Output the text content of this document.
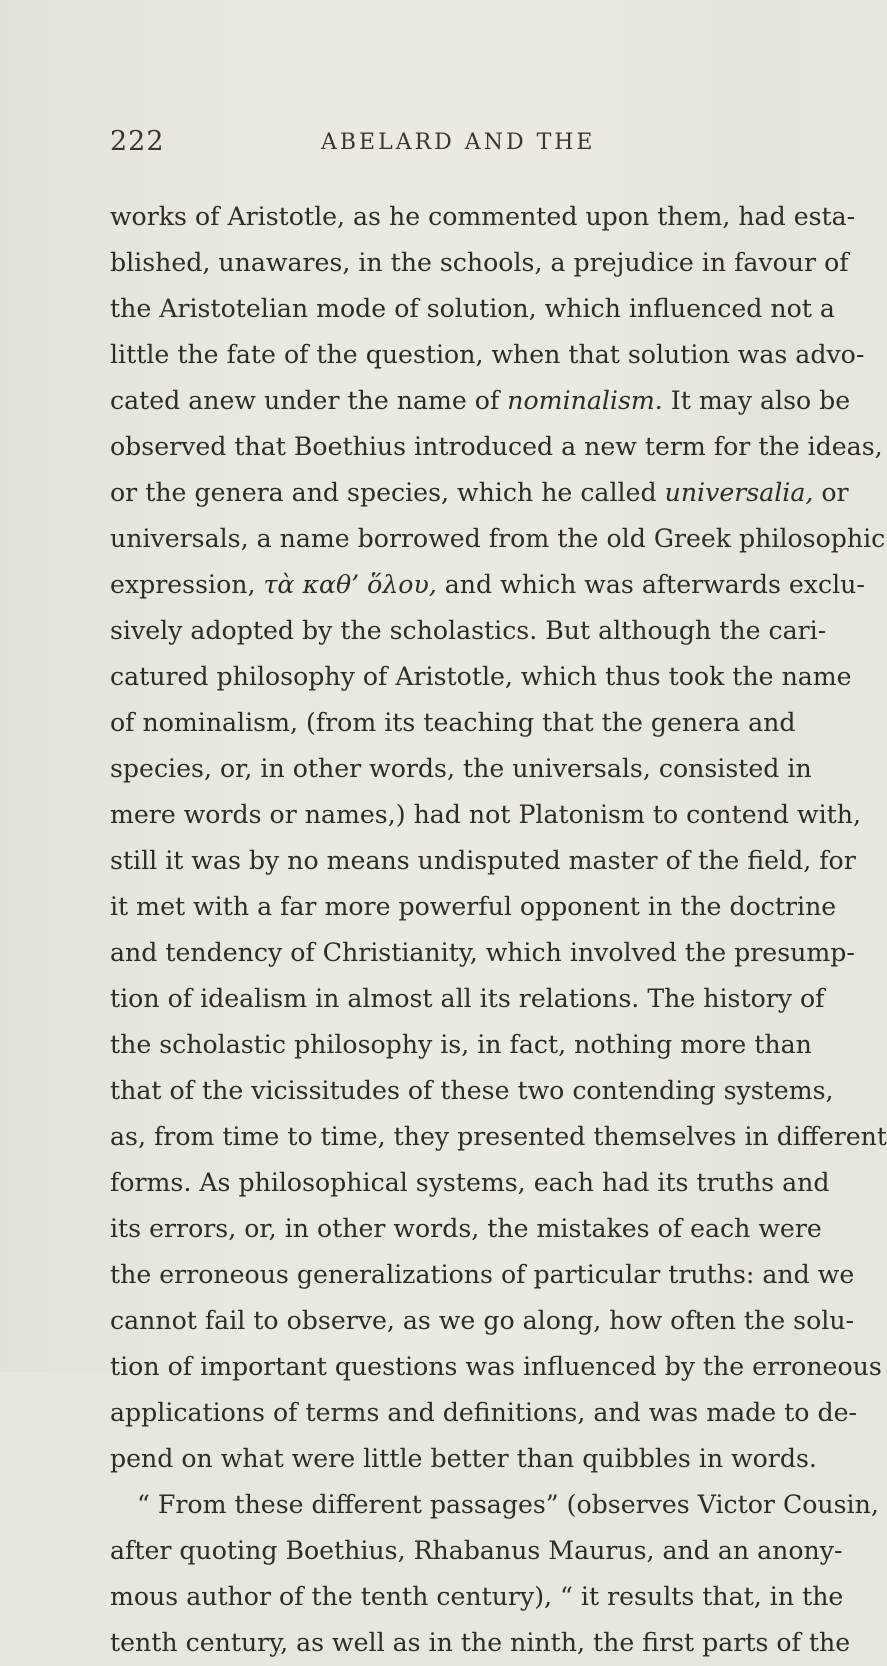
222	ABELARD AND THE
works of Aristotle, as he commented upon them, had esta-
blished, unawares, in the schools, a prejudice in favour of
the Aristotelian mode of solution, which influenced not a
little the fate of the question, when that solution was advo-
cated anew under the name of nominalism. It may also be
observed that Boethius introduced a new term for the ideas,
or the genera and species, which he called universalia, or
universals, a name borrowed from the old Greek philosophic
expression, τὰ καθ’ ὅλου, and which was afterwards exclu-
sively adopted by the scholastics. But although the cari-
catured philosophy of Aristotle, which thus took the name
of nominalism, (from its teaching that the genera and
species, or, in other words, the universals, consisted in
mere words or names,) had not Platonism to contend with,
still it was by no means undisputed master of the field, for
it met with a far more powerful opponent in the doctrine
and tendency of Christianity, which involved the presump-
tion of idealism in almost all its relations. The history of
the scholastic philosophy is, in fact, nothing more than
that of the vicissitudes of these two contending systems,
as, from time to time, they presented themselves in different
forms. As philosophical systems, each had its truths and
its errors, or, in other words, the mistakes of each were
the erroneous generalizations of particular truths: and we
cannot fail to observe, as we go along, how often the solu-
tion of important questions was influenced by the erroneous
applications of terms and definitions, and was made to de-
pend on what were little better than quibbles in words.
“ From these different passages” (observes Victor Cousin,
after quoting Boethius, Rhabanus Maurus, and an anony-
mous author of the tenth century), “ it results that, in the
tenth century, as well as in the ninth, the first parts of the
